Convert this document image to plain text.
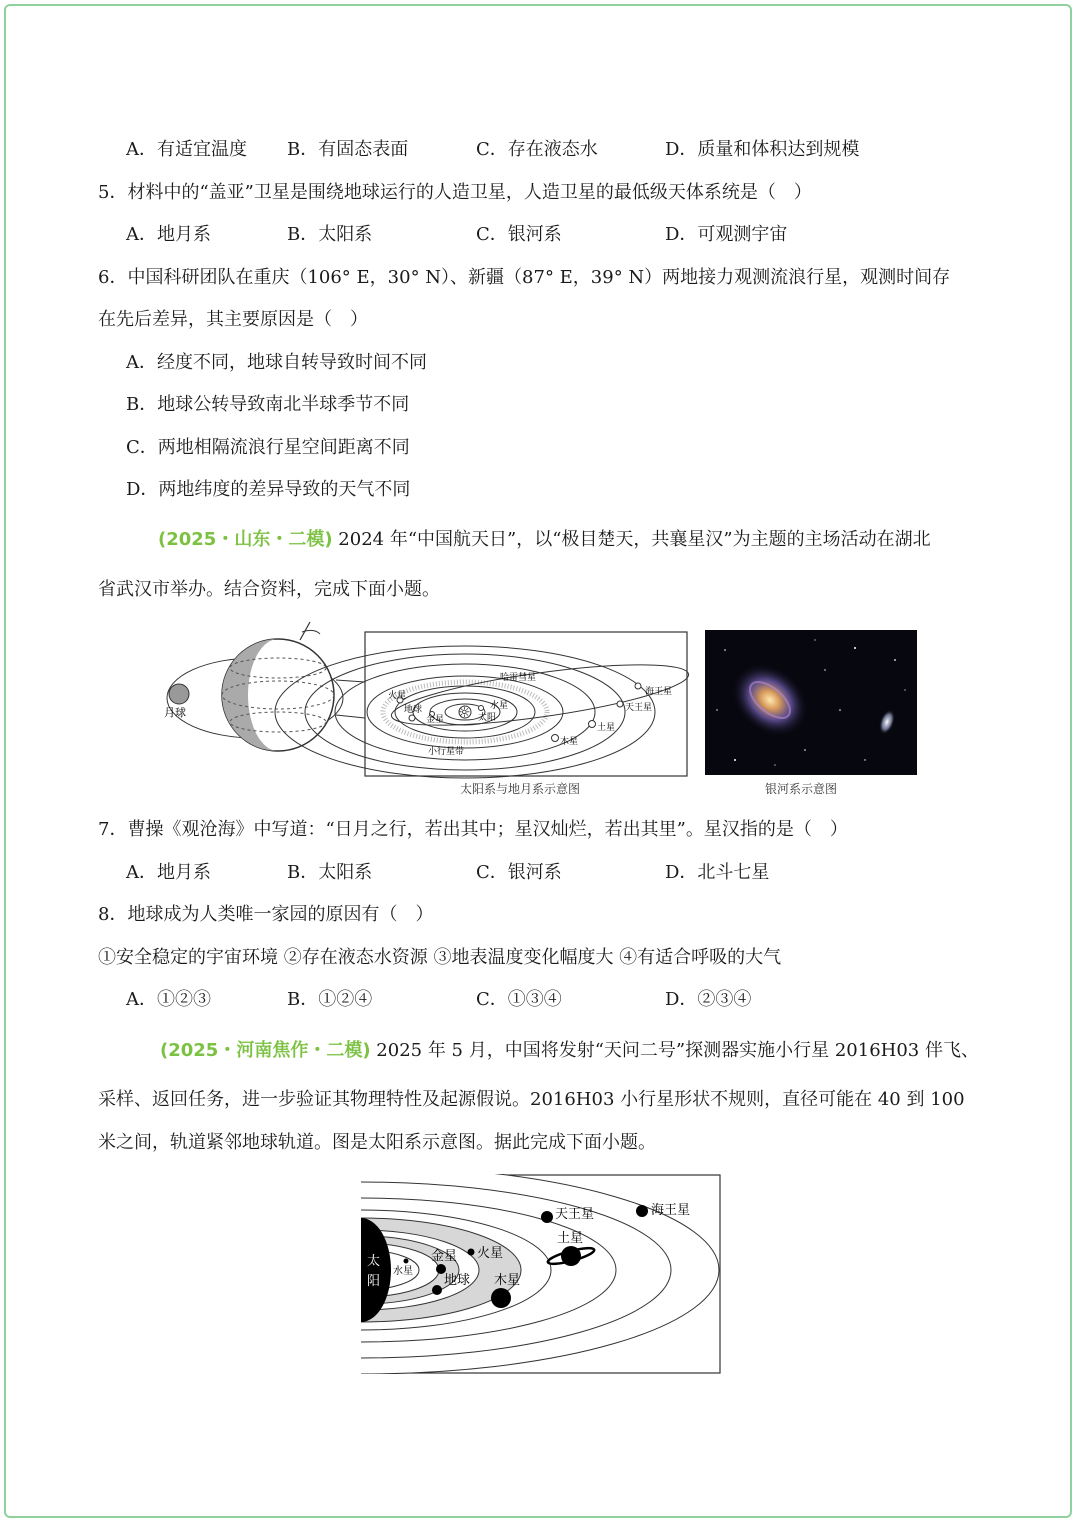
A．有适宜温度 B．有固态表面	C．存在液态水	D．质量和体积达到规模
5．材料中的“盖亚”卫星是围绕地球运行的人造卫星，人造卫星的最低级天体系统是（　）
A．地月系	B．太阳系	C．银河系	D．可观测宇宙
6．中国科研团队在重庆（106° E，30° N）、新疆（87° E，39° N）两地接力观测流浪行星，观测时间存
在先后差异，其主要原因是（　）
A．经度不同，地球自转导致时间不同
B．地球公转导致南北半球季节不同
C．两地相隔流浪行星空间距离不同
D．两地纬度的差异导致的天气不同
(2025・山东・二模) 2024 年“中国航天日”，以“极目楚天，共襄星汉”为主题的主场活动在湖北
省武汉市举办。结合资料，完成下面小题。
月球	☼
哈雷彗星
火星
地球
金星
水星
太阳
小行星带
木星
土星
天王星
海王星
太阳系与地月系示意图	银河系示意图
7．曹操《观沧海》中写道：“日月之行，若出其中；星汉灿烂，若出其里”。星汉指的是（　）
A．地月系	B．太阳系	C．银河系	D．北斗七星
8．地球成为人类唯一家园的原因有（　）
①安全稳定的宇宙环境 ②存在液态水资源 ③地表温度变化幅度大 ④有适合呼吸的大气
A．①②③	B．①②④	C．①③④	D．②③④
(2025・河南焦作・二模) 2025 年 5 月，中国将发射“天问二号”探测器实施小行星 2016H03 伴飞、
采样、返回任务，进一步验证其物理特性及起源假说。2016H03 小行星形状不规则，直径可能在 40 到 100
米之间，轨道紧邻地球轨道。图是太阳系示意图。据此完成下面小题。
太
阳
水星
金星
地球
火星
木星
土星
天王星	海王星
